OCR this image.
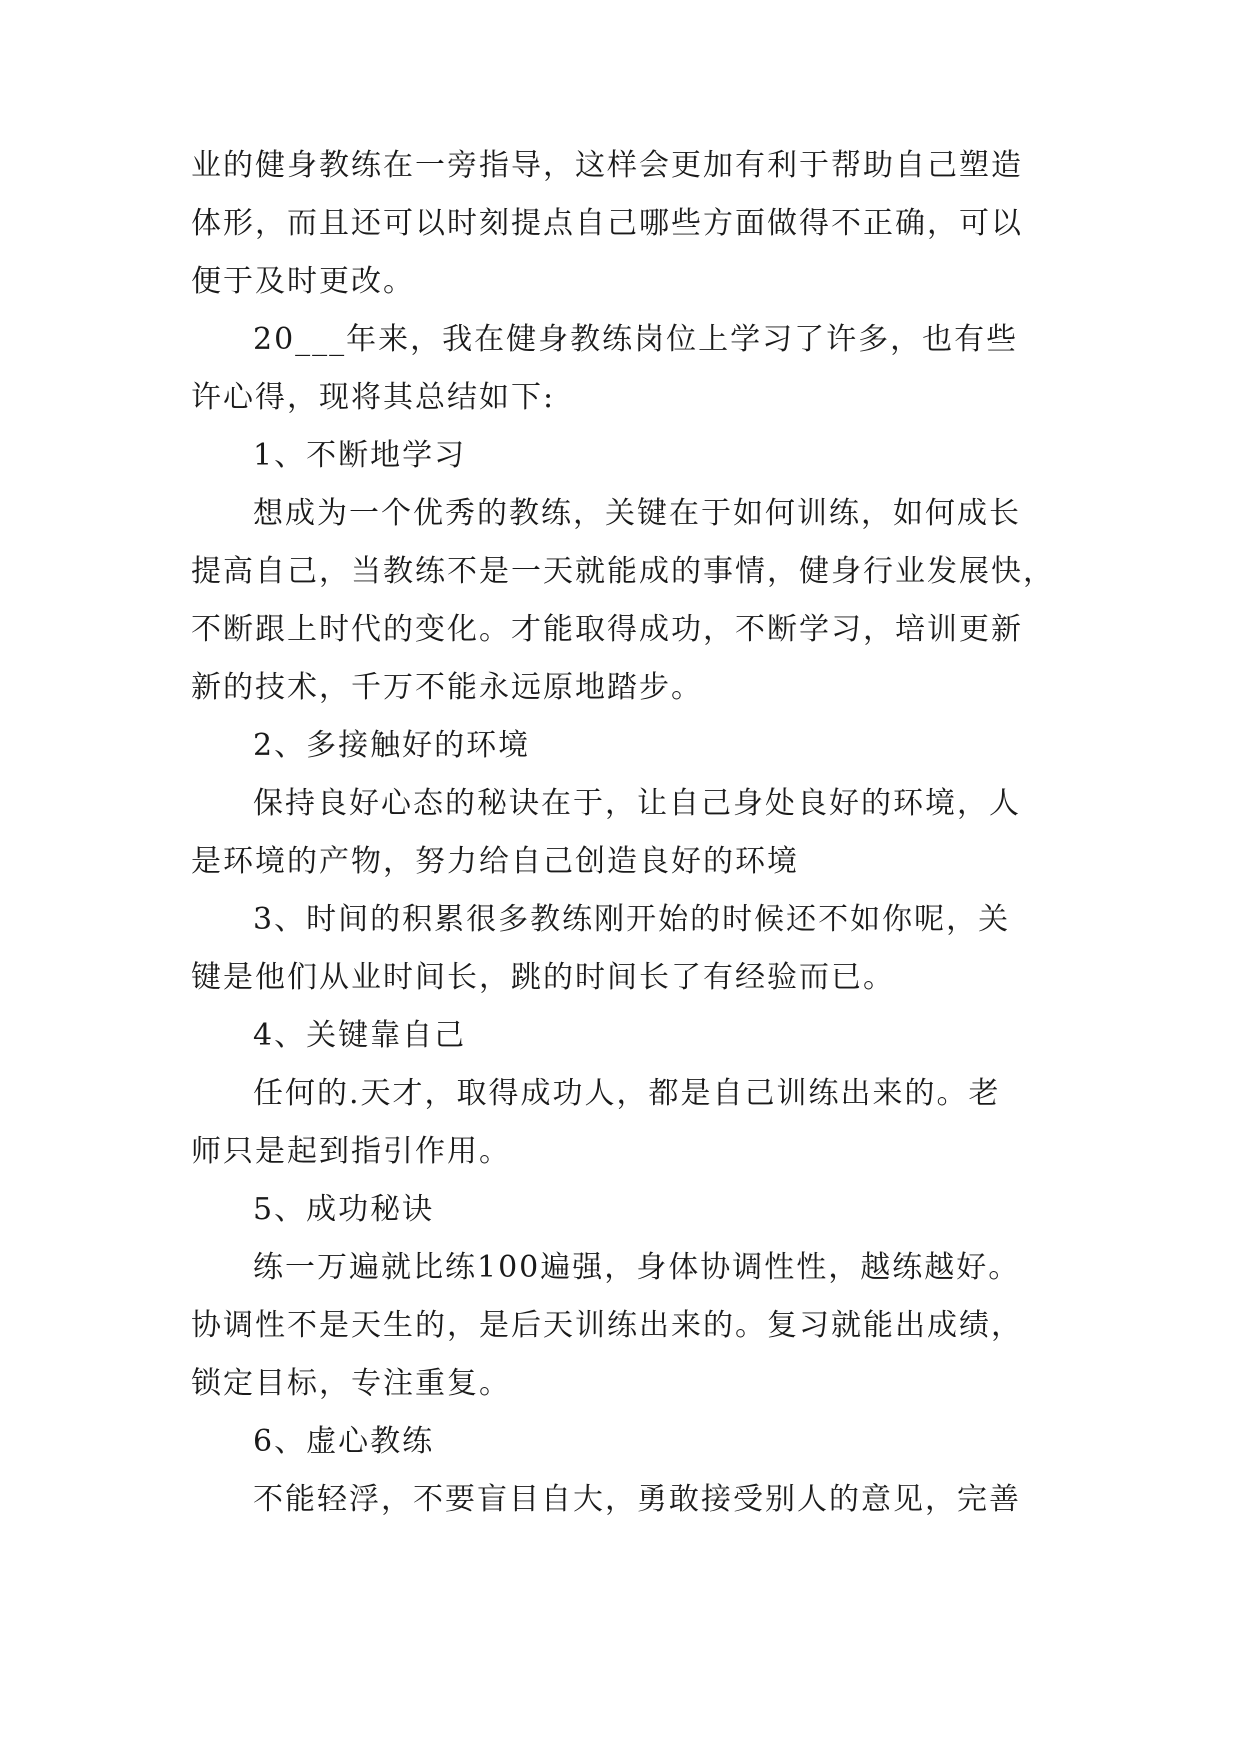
业的健身教练在一旁指导，这样会更加有利于帮助自己塑造
体形，而且还可以时刻提点自己哪些方面做得不正确，可以
便于及时更改。
20___年来，我在健身教练岗位上学习了许多，也有些
许心得，现将其总结如下:
1、不断地学习
想成为一个优秀的教练，关键在于如何训练，如何成长
提高自己，当教练不是一天就能成的事情，健身行业发展快，
不断跟上时代的变化。才能取得成功，不断学习，培训更新
新的技术，千万不能永远原地踏步。
2、多接触好的环境
保持良好心态的秘诀在于，让自己身处良好的环境，人
是环境的产物，努力给自己创造良好的环境
3、时间的积累很多教练刚开始的时候还不如你呢，关
键是他们从业时间长，跳的时间长了有经验而已。
4、关键靠自己
任何的.天才，取得成功人，都是自己训练出来的。老
师只是起到指引作用。
5、成功秘诀
练一万遍就比练100遍强，身体协调性性，越练越好。
协调性不是天生的，是后天训练出来的。复习就能出成绩，
锁定目标，专注重复。
6、虚心教练
不能轻浮，不要盲目自大，勇敢接受别人的意见，完善
